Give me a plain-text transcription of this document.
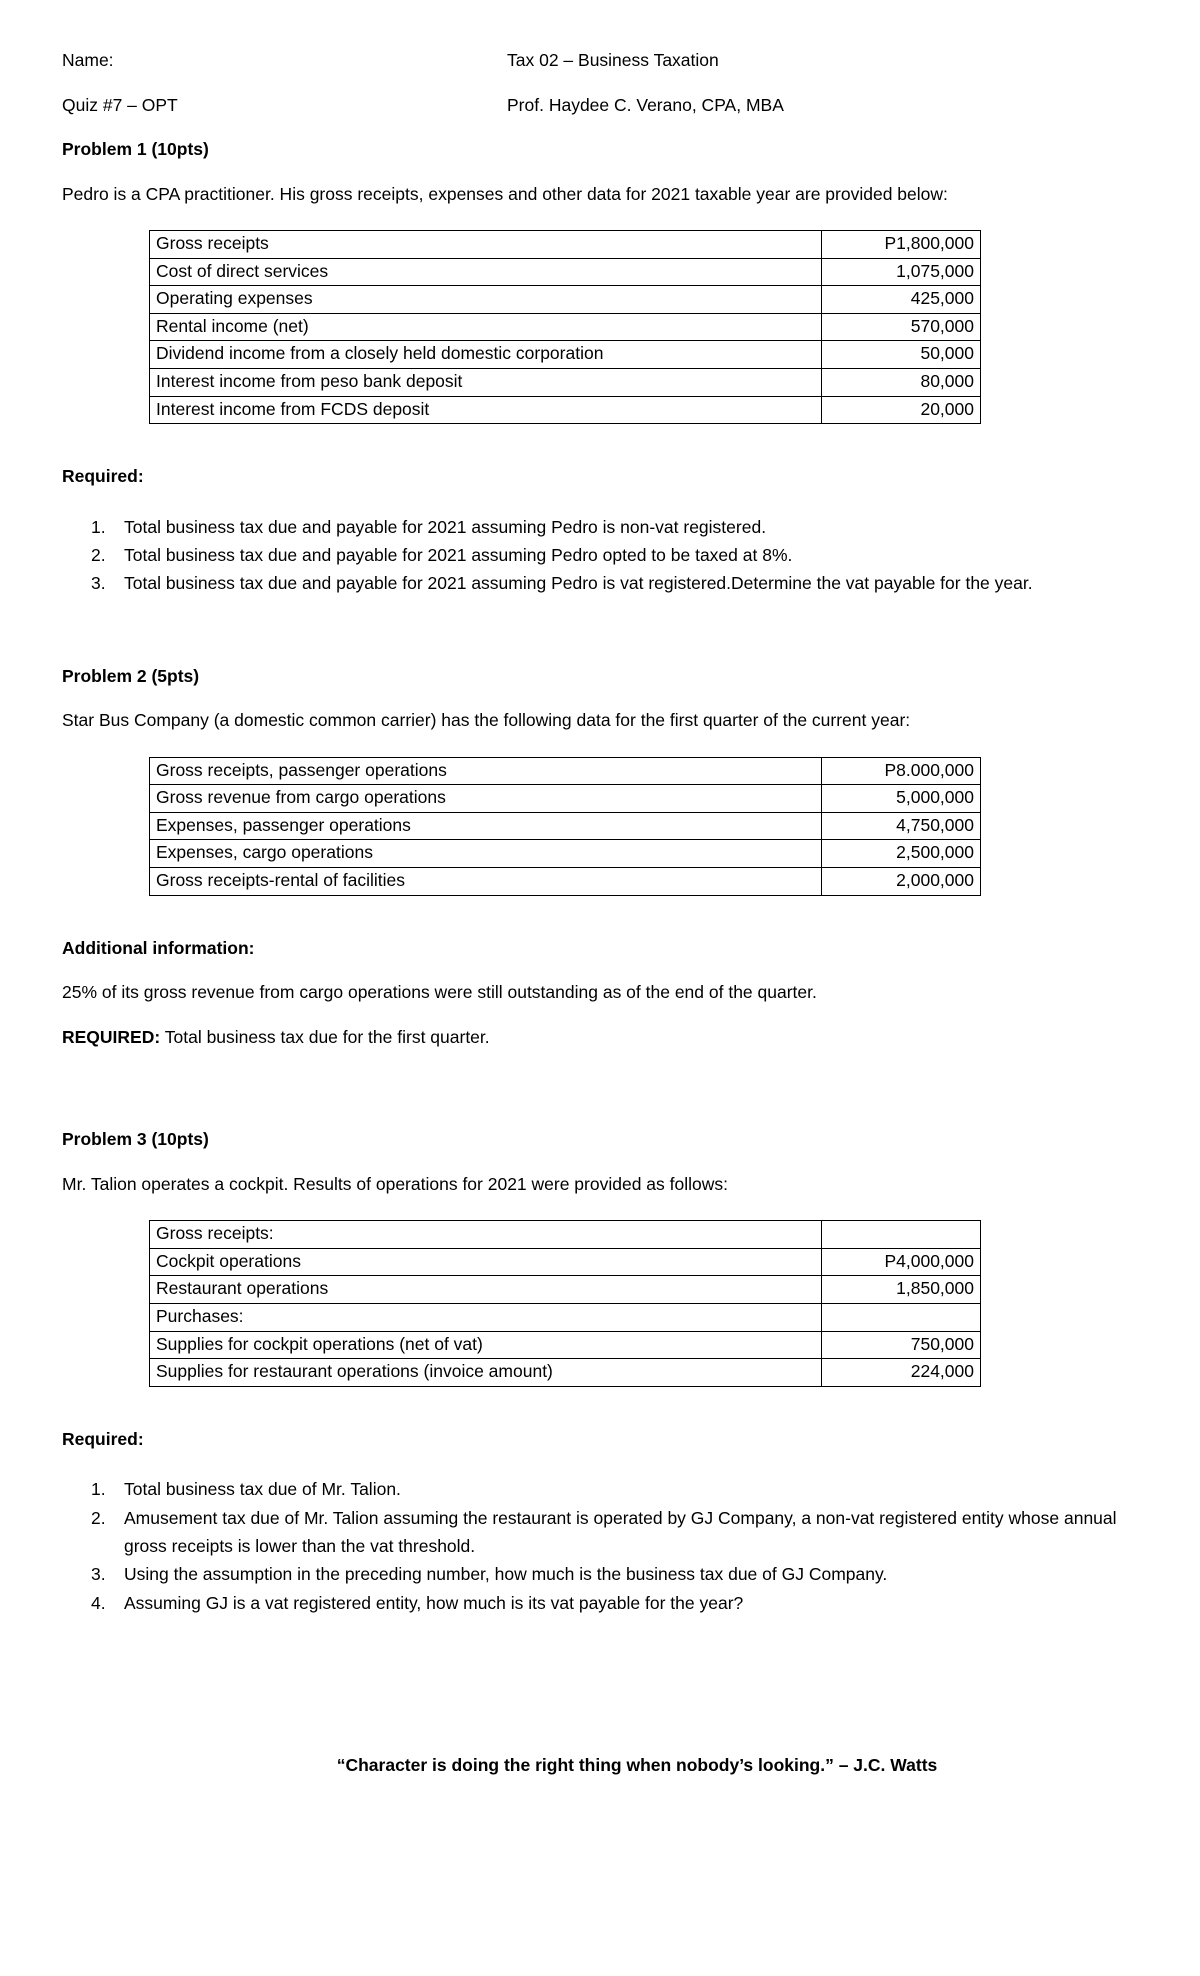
Name:	Tax 02 – Business Taxation
Quiz #7 – OPT	Prof. Haydee C. Verano, CPA, MBA
Problem 1 (10pts)
Pedro is a CPA practitioner. His gross receipts, expenses and other data for 2021 taxable year are provided below:
Gross receipts	P1,800,000
Cost of direct services	1,075,000
Operating expenses	425,000
Rental income (net)	570,000
Dividend income from a closely held domestic corporation	50,000
Interest income from peso bank deposit	80,000
Interest income from FCDS deposit	20,000
Required:
Total business tax due and payable for 2021 assuming Pedro is non-vat registered.
Total business tax due and payable for 2021 assuming Pedro opted to be taxed at 8%.
Total business tax due and payable for 2021 assuming Pedro is vat registered.Determine the vat payable for the year.
Problem 2 (5pts)
Star Bus Company (a domestic common carrier) has the following data for the first quarter of the current year:
Gross receipts, passenger operations	P8.000,000
Gross revenue from cargo operations	5,000,000
Expenses, passenger operations	4,750,000
Expenses, cargo operations	2,500,000
Gross receipts-rental of facilities	2,000,000
Additional information:
25% of its gross revenue from cargo operations were still outstanding as of the end of the quarter.
REQUIRED: Total business tax due for the first quarter.
Problem 3 (10pts)
Mr. Talion operates a cockpit. Results of operations for 2021 were provided as follows:
Gross receipts:	
Cockpit operations	P4,000,000
Restaurant operations	1,850,000
Purchases:	
Supplies for cockpit operations (net of vat)	750,000
Supplies for restaurant operations (invoice amount)	224,000
Required:
Total business tax due of Mr. Talion.
Amusement tax due of Mr. Talion assuming the restaurant is operated by GJ Company, a non-vat registered entity whose annual gross receipts is lower than the vat threshold.
Using the assumption in the preceding number, how much is the business tax due of GJ Company.
Assuming GJ is a vat registered entity, how much is its vat payable for the year?
“Character is doing the right thing when nobody’s looking.” – J.C. Watts
